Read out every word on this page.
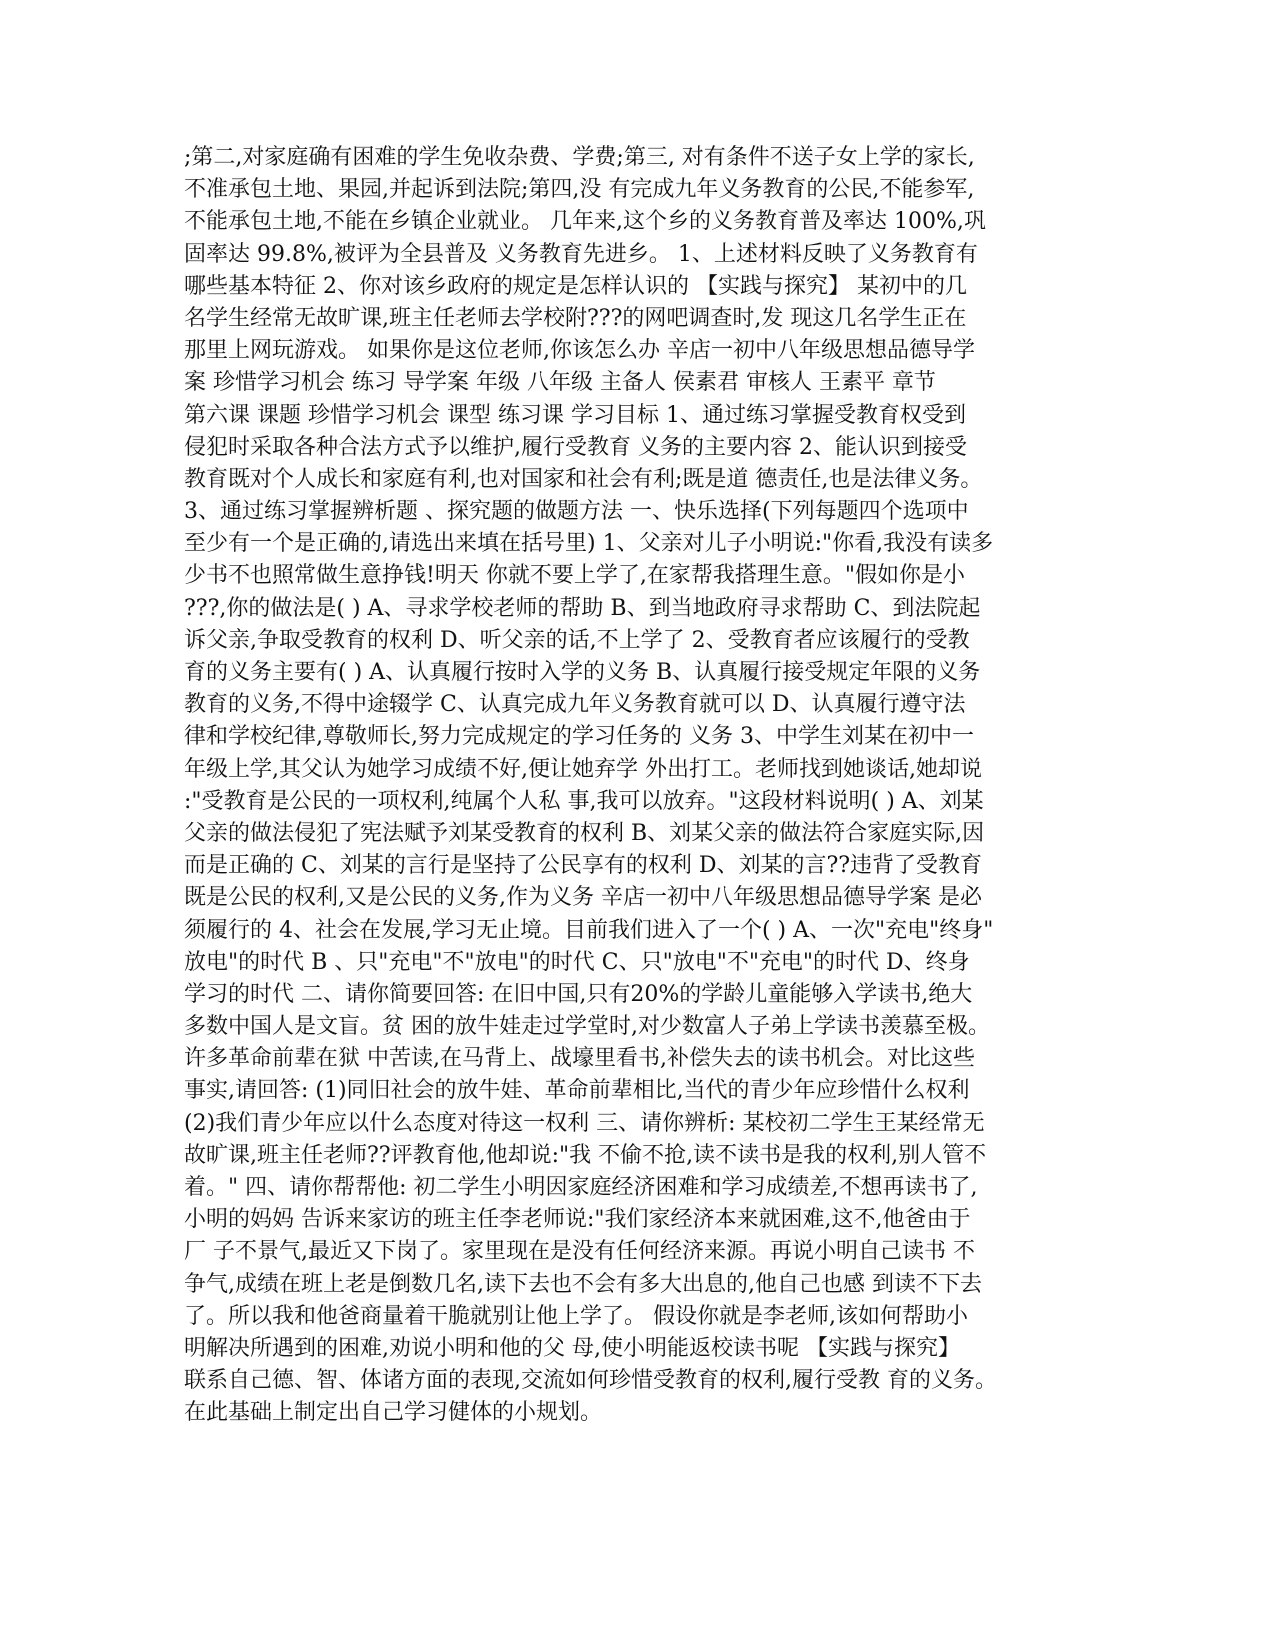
;第二,对家庭确有困难的学生免收杂费、学费;第三, 对有条件不送子女上学的家长,
不准承包土地、果园,并起诉到法院;第四,没 有完成九年义务教育的公民,不能参军,
不能承包土地,不能在乡镇企业就业。 几年来,这个乡的义务教育普及率达 100%,巩
固率达 99.8%,被评为全县普及 义务教育先进乡。 1、上述材料反映了义务教育有
哪些基本特征 2、你对该乡政府的规定是怎样认识的 【实践与探究】 某初中的几
名学生经常无故旷课,班主任老师去学校附???的网吧调查时,发 现这几名学生正在
那里上网玩游戏。 如果你是这位老师,你该怎么办 辛店一初中八年级思想品德导学
案 珍惜学习机会 练习 导学案 年级 八年级 主备人 侯素君 审核人 王素平 章节
第六课 课题 珍惜学习机会 课型 练习课 学习目标 1、通过练习掌握受教育权受到
侵犯时采取各种合法方式予以维护,履行受教育 义务的主要内容 2、能认识到接受
教育既对个人成长和家庭有利,也对国家和社会有利;既是道 德责任,也是法律义务。
3、通过练习掌握辨析题 、探究题的做题方法 一、快乐选择(下列每题四个选项中
至少有一个是正确的,请选出来填在括号里) 1、父亲对儿子小明说:"你看,我没有读多
少书不也照常做生意挣钱!明天 你就不要上学了,在家帮我搭理生意。"假如你是小
???,你的做法是( ) A、寻求学校老师的帮助 B、到当地政府寻求帮助 C、到法院起
诉父亲,争取受教育的权利 D、听父亲的话,不上学了 2、受教育者应该履行的受教
育的义务主要有( ) A、认真履行按时入学的义务 B、认真履行接受规定年限的义务
教育的义务,不得中途辍学 C、认真完成九年义务教育就可以 D、认真履行遵守法
律和学校纪律,尊敬师长,努力完成规定的学习任务的 义务 3、中学生刘某在初中一
年级上学,其父认为她学习成绩不好,便让她弃学 外出打工。老师找到她谈话,她却说
:"受教育是公民的一项权利,纯属个人私 事,我可以放弃。"这段材料说明( ) A、刘某
父亲的做法侵犯了宪法赋予刘某受教育的权利 B、刘某父亲的做法符合家庭实际,因
而是正确的 C、刘某的言行是坚持了公民享有的权利 D、刘某的言??违背了受教育
既是公民的权利,又是公民的义务,作为义务 辛店一初中八年级思想品德导学案 是必
须履行的 4、社会在发展,学习无止境。目前我们进入了一个( ) A、一次"充电"终身"
放电"的时代 B 、只"充电"不"放电"的时代 C、只"放电"不"充电"的时代 D、终身
学习的时代 二、请你简要回答: 在旧中国,只有20%的学龄儿童能够入学读书,绝大
多数中国人是文盲。贫 困的放牛娃走过学堂时,对少数富人子弟上学读书羡慕至极。
许多革命前辈在狱 中苦读,在马背上、战壕里看书,补偿失去的读书机会。对比这些
事实,请回答: (1)同旧社会的放牛娃、革命前辈相比,当代的青少年应珍惜什么权利
(2)我们青少年应以什么态度对待这一权利 三、请你辨析: 某校初二学生王某经常无
故旷课,班主任老师??评教育他,他却说:"我 不偷不抢,读不读书是我的权利,别人管不
着。" 四、请你帮帮他: 初二学生小明因家庭经济困难和学习成绩差,不想再读书了,
小明的妈妈 告诉来家访的班主任李老师说:"我们家经济本来就困难,这不,他爸由于
厂 子不景气,最近又下岗了。家里现在是没有任何经济来源。再说小明自己读书 不
争气,成绩在班上老是倒数几名,读下去也不会有多大出息的,他自己也感 到读不下去
了。所以我和他爸商量着干脆就别让他上学了。 假设你就是李老师,该如何帮助小
明解决所遇到的困难,劝说小明和他的父 母,使小明能返校读书呢 【实践与探究】
联系自己德、智、体诸方面的表现,交流如何珍惜受教育的权利,履行受教 育的义务。
在此基础上制定出自己学习健体的小规划。
